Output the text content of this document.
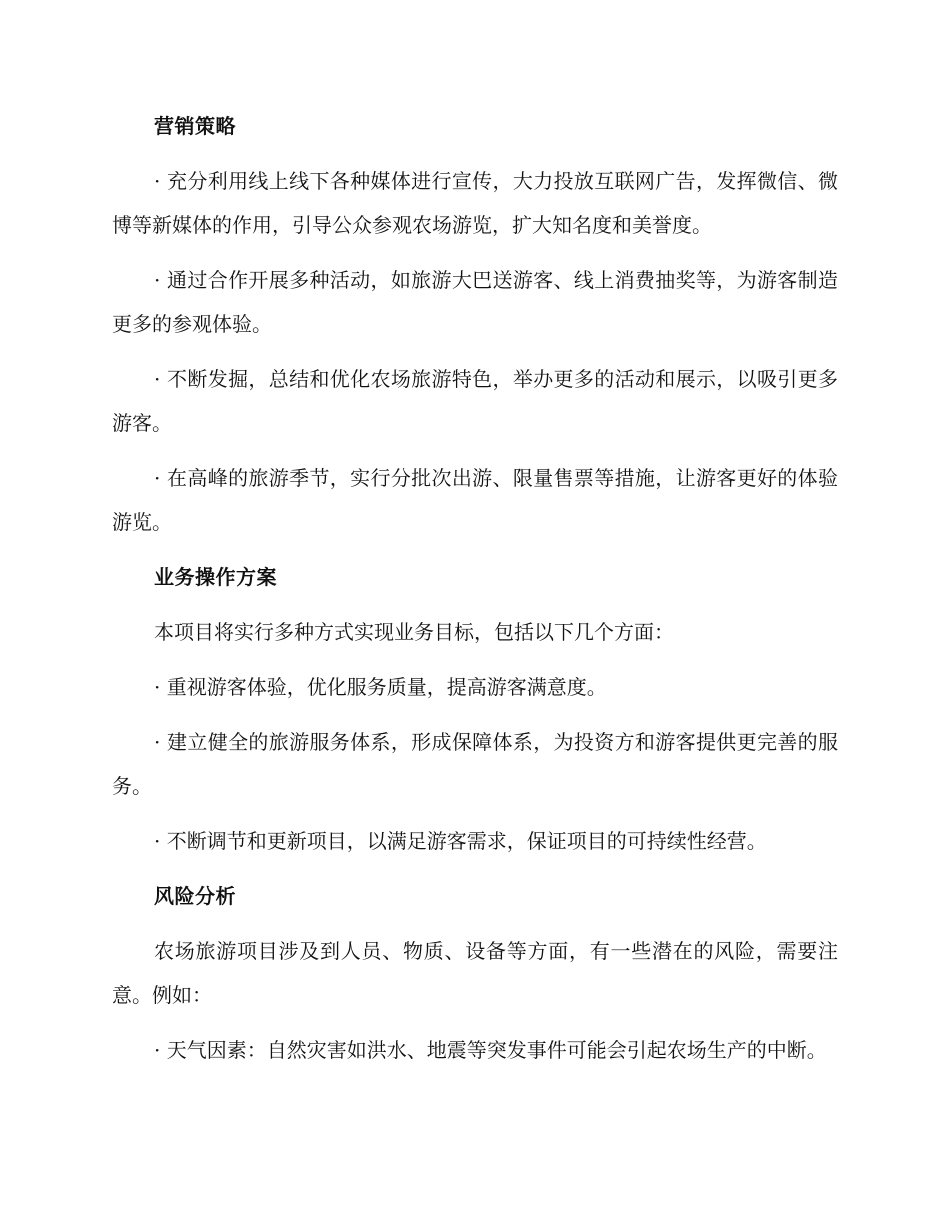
营销策略

· 充分利用线上线下各种媒体进行宣传，大力投放互联网广告，发挥微信、微博等新媒体的作用，引导公众参观农场游览，扩大知名度和美誉度。

· 通过合作开展多种活动，如旅游大巴送游客、线上消费抽奖等，为游客制造更多的参观体验。

· 不断发掘，总结和优化农场旅游特色，举办更多的活动和展示，以吸引更多游客。

· 在高峰的旅游季节，实行分批次出游、限量售票等措施，让游客更好的体验游览。

业务操作方案

本项目将实行多种方式实现业务目标，包括以下几个方面：

· 重视游客体验，优化服务质量，提高游客满意度。

· 建立健全的旅游服务体系，形成保障体系，为投资方和游客提供更完善的服务。

· 不断调节和更新项目，以满足游客需求，保证项目的可持续性经营。

风险分析

农场旅游项目涉及到人员、物质、设备等方面，有一些潜在的风险，需要注意。例如：

· 天气因素：自然灾害如洪水、地震等突发事件可能会引起农场生产的中断。
